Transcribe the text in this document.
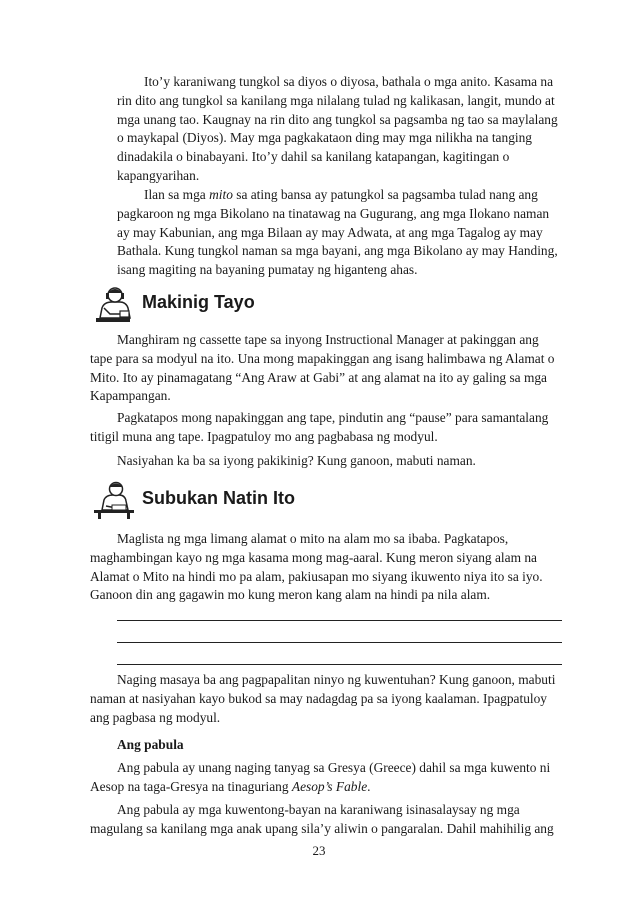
Ito’y karaniwang tungkol sa diyos o diyosa, bathala o mga anito. Kasama na rin dito ang tungkol sa kanilang mga nilalang tulad ng kalikasan, langit, mundo at mga unang tao. Kaugnay na rin dito ang tungkol sa pagsamba ng tao sa maylalang o maykapal (Diyos). May mga pagkakataon ding may mga nilikha na tanging dinadakila o binabayani. Ito’y dahil sa kanilang katapangan, kagitingan o kapangyarihan.

Ilan sa mga mito sa ating bansa ay patungkol sa pagsamba tulad nang ang pagkaroon ng mga Bikolano na tinatawag na Gugurang, ang mga Ilokano naman ay may Kabunian, ang mga Bilaan ay may Adwata, at ang mga Tagalog ay may Bathala. Kung tungkol naman sa mga bayani, ang mga Bikolano ay may Handing, isang magiting na bayaning pumatay ng higanteng ahas.

Makinig Tayo

Manghiram ng cassette tape sa inyong Instructional Manager at pakinggan ang tape para sa modyul na ito. Una mong mapakinggan ang isang halimbawa ng Alamat o Mito. Ito ay pinamagatang “Ang Araw at Gabi” at ang alamat na ito ay galing sa mga Kapampangan.

Pagkatapos mong napakinggan ang tape, pindutin ang “pause” para samantalang titigil muna ang tape. Ipagpatuloy mo ang pagbabasa ng modyul.

Nasiyahan ka ba sa iyong pakikinig? Kung ganoon, mabuti naman.

Subukan Natin Ito

Maglista ng mga limang alamat o mito na alam mo sa ibaba. Pagkatapos, maghambingan kayo ng mga kasama mong mag-aaral. Kung meron siyang alam na Alamat o Mito na hindi mo pa alam, pakiusapan mo siyang ikuwento niya ito sa iyo. Ganoon din ang gagawin mo kung meron kang alam na hindi pa nila alam.

Naging masaya ba ang pagpapalitan ninyo ng kuwentuhan? Kung ganoon, mabuti naman at nasiyahan kayo bukod sa may nadagdag pa sa iyong kaalaman. Ipagpatuloy ang pagbasa ng modyul.

Ang pabula

Ang pabula ay unang naging tanyag sa Gresya (Greece) dahil sa mga kuwento ni Aesop na taga-Gresya na tinaguriang Aesop’s Fable.

Ang pabula ay mga kuwentong-bayan na karaniwang isinasalaysay ng mga magulang sa kanilang mga anak upang sila’y aliwin o pangaralan. Dahil mahihilig ang

23
